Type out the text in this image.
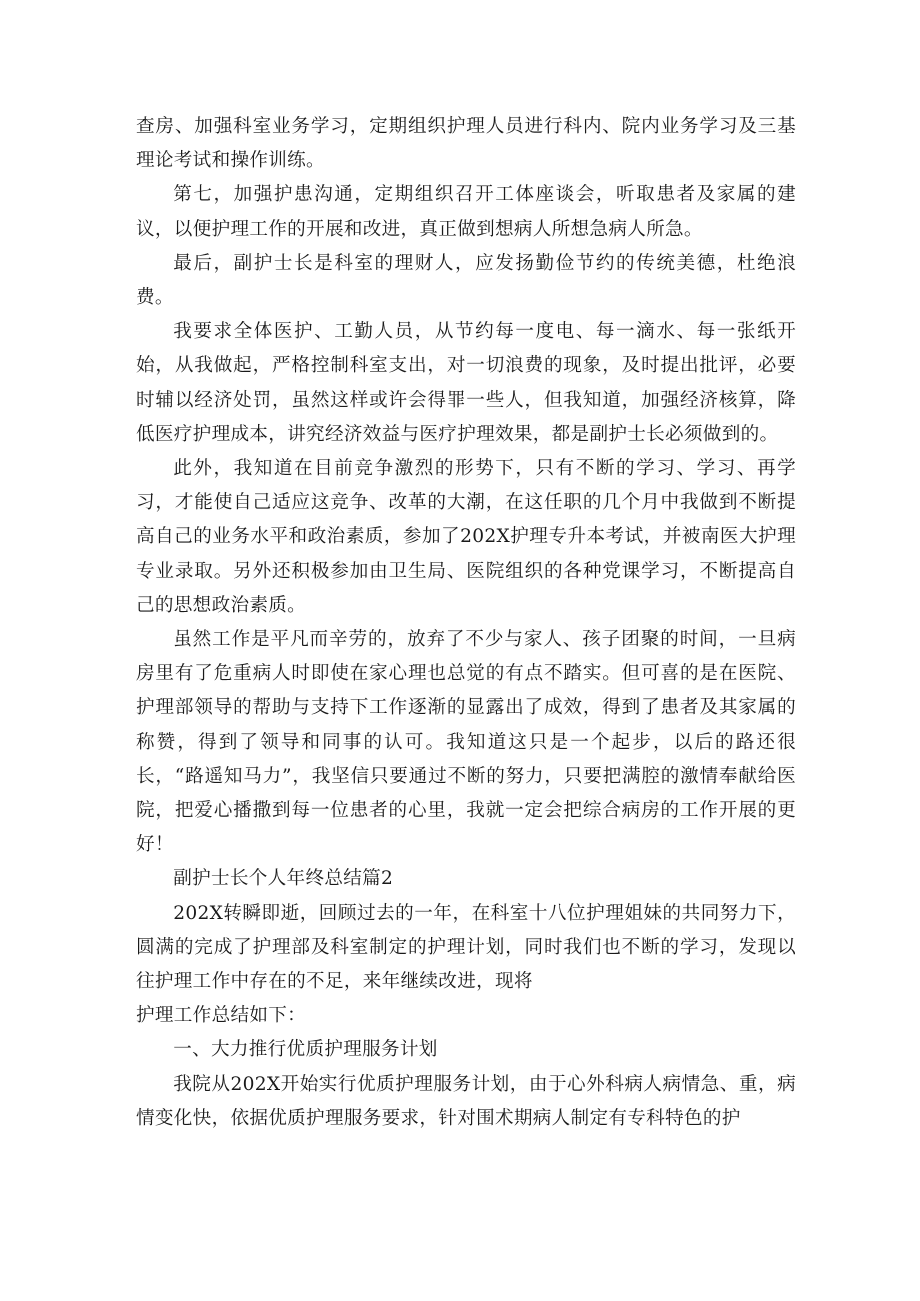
查房、加强科室业务学习，定期组织护理人员进行科内、院内业务学习及三基理论考试和操作训练。

第七，加强护患沟通，定期组织召开工体座谈会，听取患者及家属的建议，以便护理工作的开展和改进，真正做到想病人所想急病人所急。

最后，副护士长是科室的理财人，应发扬勤俭节约的传统美德，杜绝浪费。

我要求全体医护、工勤人员，从节约每一度电、每一滴水、每一张纸开始，从我做起，严格控制科室支出，对一切浪费的现象，及时提出批评，必要时辅以经济处罚，虽然这样或许会得罪一些人，但我知道，加强经济核算，降低医疗护理成本，讲究经济效益与医疗护理效果，都是副护士长必须做到的。

此外，我知道在目前竞争激烈的形势下，只有不断的学习、学习、再学习，才能使自己适应这竞争、改革的大潮，在这任职的几个月中我做到不断提高自己的业务水平和政治素质，参加了202X护理专升本考试，并被南医大护理专业录取。另外还积极参加由卫生局、医院组织的各种党课学习，不断提高自己的思想政治素质。

虽然工作是平凡而辛劳的，放弃了不少与家人、孩子团聚的时间，一旦病房里有了危重病人时即使在家心理也总觉的有点不踏实。但可喜的是在医院、护理部领导的帮助与支持下工作逐渐的显露出了成效，得到了患者及其家属的称赞，得到了领导和同事的认可。我知道这只是一个起步，以后的路还很长，“路遥知马力”，我坚信只要通过不断的努力，只要把满腔的激情奉献给医院，把爱心播撒到每一位患者的心里，我就一定会把综合病房的工作开展的更好！

副护士长个人年终总结篇2

202X转瞬即逝，回顾过去的一年，在科室十八位护理姐妹的共同努力下，圆满的完成了护理部及科室制定的护理计划，同时我们也不断的学习，发现以往护理工作中存在的不足，来年继续改进，现将

护理工作总结如下：

一、大力推行优质护理服务计划

我院从202X开始实行优质护理服务计划，由于心外科病人病情急、重，病情变化快，依据优质护理服务要求，针对围术期病人制定有专科特色的护
